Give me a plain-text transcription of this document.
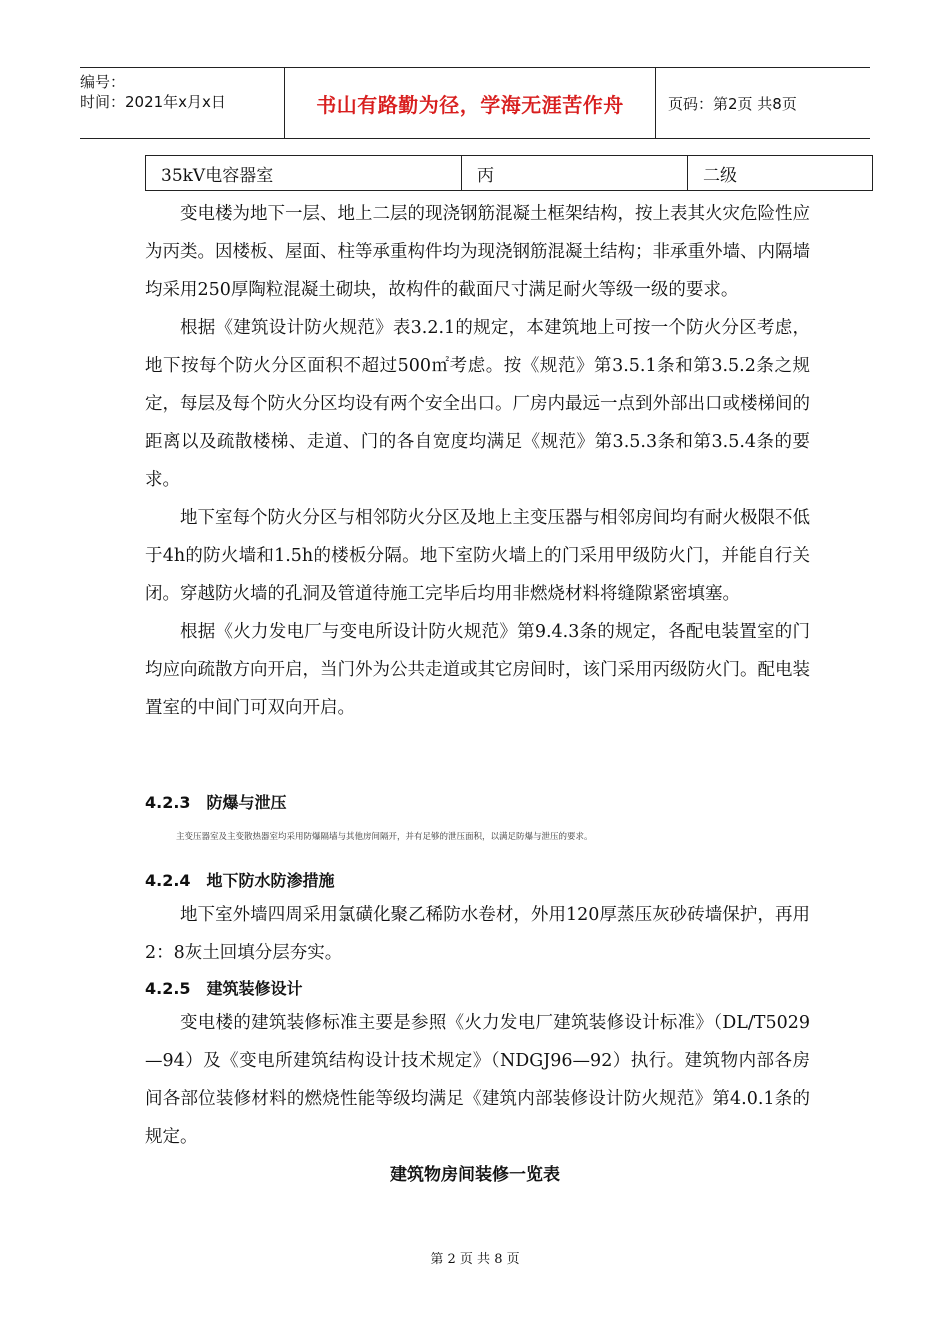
编号：
时间：2021年x月x日	书山有路勤为径，学海无涯苦作舟	页码：第2页 共8页
35kV电容器室	丙	二级

变电楼为地下一层、地上二层的现浇钢筋混凝土框架结构，按上表其火灾危险性应为丙类。因楼板、屋面、柱等承重构件均为现浇钢筋混凝土结构；非承重外墙、内隔墙均采用250厚陶粒混凝土砌块，故构件的截面尺寸满足耐火等级一级的要求。

根据《建筑设计防火规范》表3.2.1的规定，本建筑地上可按一个防火分区考虑，地下按每个防火分区面积不超过500㎡考虑。按《规范》第3.5.1条和第3.5.2条之规定，每层及每个防火分区均设有两个安全出口。厂房内最远一点到外部出口或楼梯间的距离以及疏散楼梯、走道、门的各自宽度均满足《规范》第3.5.3条和第3.5.4条的要求。

地下室每个防火分区与相邻防火分区及地上主变压器与相邻房间均有耐火极限不低于4h的防火墙和1.5h的楼板分隔。地下室防火墙上的门采用甲级防火门，并能自行关闭。穿越防火墙的孔洞及管道待施工完毕后均用非燃烧材料将缝隙紧密填塞。

根据《火力发电厂与变电所设计防火规范》第9.4.3条的规定，各配电装置室的门均应向疏散方向开启，当门外为公共走道或其它房间时，该门采用丙级防火门。配电装置室的中间门可双向开启。

4.2.3　防爆与泄压
主变压器室及主变散热器室均采用防爆隔墙与其他房间隔开，并有足够的泄压面积，以满足防爆与泄压的要求。
4.2.4　地下防水防渗措施

地下室外墙四周采用氯磺化聚乙稀防水卷材，外用120厚蒸压灰砂砖墙保护，再用2：8灰土回填分层夯实。

4.2.5　建筑装修设计

变电楼的建筑装修标准主要是参照《火力发电厂建筑装修设计标准》（DL/T5029—94）及《变电所建筑结构设计技术规定》（NDGJ96—92）执行。建筑物内部各房间各部位装修材料的燃烧性能等级均满足《建筑内部装修设计防火规范》第4.0.1条的规定。

建筑物房间装修一览表
第 2 页 共 8 页
